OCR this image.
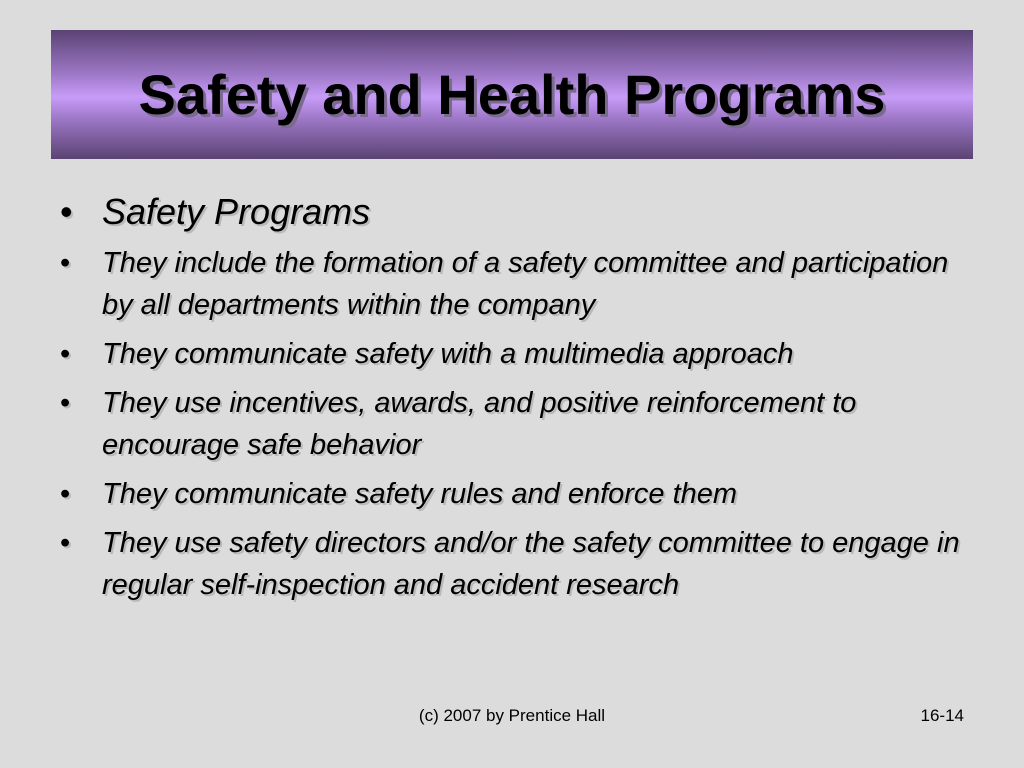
Safety and Health Programs
• Safety Programs
• They include the formation of a safety committee and participation by all departments within the company
• They communicate safety with a multimedia approach
• They use incentives, awards, and positive reinforcement to encourage safe behavior
• They communicate safety rules and enforce them
• They use safety directors and/or the safety committee to engage in regular self-inspection and accident research
(c) 2007 by Prentice Hall	16-14
